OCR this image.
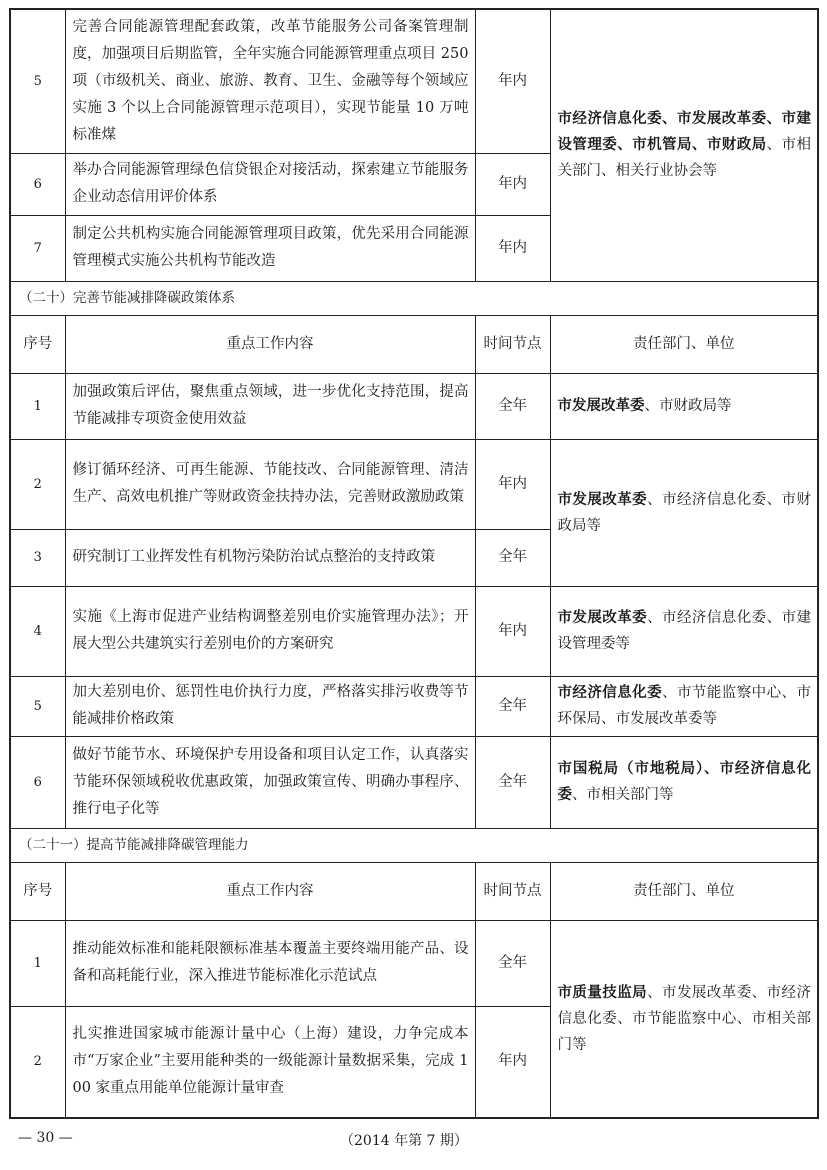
5	完善合同能源管理配套政策，改革节能服务公司备案管理制度，加强项目后期监管，全年实施合同能源管理重点项目 250 项（市级机关、商业、旅游、教育、卫生、金融等每个领域应实施 3 个以上合同能源管理示范项目），实现节能量 10 万吨标准煤	年内	市经济信息化委、市发展改革委、市建设管理委、市机管局、市财政局、市相关部门、相关行业协会等
6	举办合同能源管理绿色信贷银企对接活动，探索建立节能服务企业动态信用评价体系	年内	
7	制定公共机构实施合同能源管理项目政策，优先采用合同能源管理模式实施公共机构节能改造	年内	
（二十）完善节能减排降碳政策体系			
序号	重点工作内容	时间节点	责任部门、单位
1	加强政策后评估，聚焦重点领域，进一步优化支持范围，提高节能减排专项资金使用效益	全年	市发展改革委、市财政局等
2	修订循环经济、可再生能源、节能技改、合同能源管理、清洁生产、高效电机推广等财政资金扶持办法，完善财政激励政策	年内	市发展改革委、市经济信息化委、市财政局等
3	研究制订工业挥发性有机物污染防治试点整治的支持政策	全年	
4	实施《上海市促进产业结构调整差别电价实施管理办法》；开展大型公共建筑实行差别电价的方案研究	年内	市发展改革委、市经济信息化委、市建设管理委等
5	加大差别电价、惩罚性电价执行力度，严格落实排污收费等节能减排价格政策	全年	市经济信息化委、市节能监察中心、市环保局、市发展改革委等
6	做好节能节水、环境保护专用设备和项目认定工作，认真落实节能环保领域税收优惠政策，加强政策宣传、明确办事程序、推行电子化等	全年	市国税局（市地税局）、市经济信息化委、市相关部门等
（二十一）提高节能减排降碳管理能力			
序号	重点工作内容	时间节点	责任部门、单位
1	推动能效标准和能耗限额标准基本覆盖主要终端用能产品、设备和高耗能行业，深入推进节能标准化示范试点	全年	市质量技监局、市发展改革委、市经济信息化委、市节能监察中心、市相关部门等
2	扎实推进国家城市能源计量中心（上海）建设，力争完成本市“万家企业”主要用能种类的一级能源计量数据采集，完成 100 家重点用能单位能源计量审查	年内	
— 30 —	（2014 年第 7 期）
